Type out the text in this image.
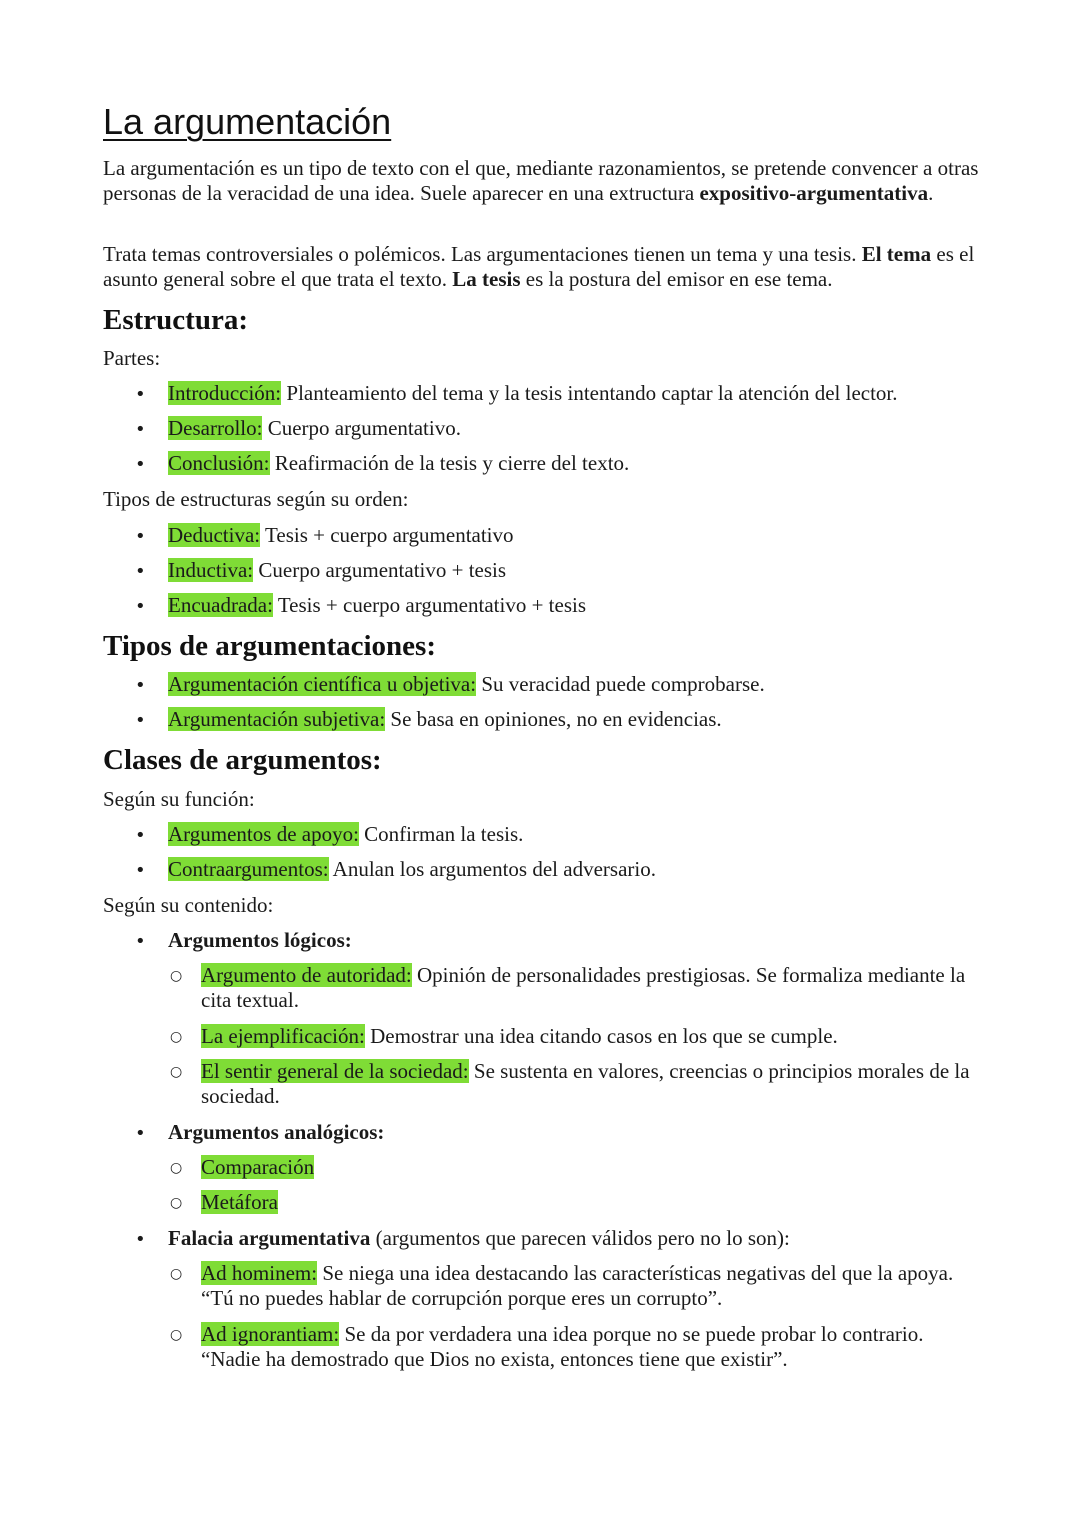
La argumentación

La argumentación es un tipo de texto con el que, mediante razonamientos, se pretende convencer a otras personas de la veracidad de una idea. Suele aparecer en una extructura expositivo-argumentativa.

Trata temas controversiales o polémicos. Las argumentaciones tienen un tema y una tesis. El tema es el asunto general sobre el que trata el texto. La tesis es la postura del emisor en ese tema.

Estructura:
Partes:
• Introducción: Planteamiento del tema y la tesis intentando captar la atención del lector.
• Desarrollo: Cuerpo argumentativo.
• Conclusión: Reafirmación de la tesis y cierre del texto.
Tipos de estructuras según su orden:
• Deductiva: Tesis + cuerpo argumentativo
• Inductiva: Cuerpo argumentativo + tesis
• Encuadrada: Tesis + cuerpo argumentativo + tesis
Tipos de argumentaciones:
• Argumentación científica u objetiva: Su veracidad puede comprobarse.
• Argumentación subjetiva: Se basa en opiniones, no en evidencias.
Clases de argumentos:
Según su función:
• Argumentos de apoyo: Confirman la tesis.
• Contraargumentos: Anulan los argumentos del adversario.
Según su contenido:
• Argumentos lógicos:
○ Argumento de autoridad: Opinión de personalidades prestigiosas. Se formaliza mediante la cita textual.
○ La ejemplificación: Demostrar una idea citando casos en los que se cumple.
○ El sentir general de la sociedad: Se sustenta en valores, creencias o principios morales de la sociedad.
• Argumentos analógicos:
○ Comparación
○ Metáfora
• Falacia argumentativa (argumentos que parecen válidos pero no lo son):
○ Ad hominem: Se niega una idea destacando las características negativas del que la apoya. “Tú no puedes hablar de corrupción porque eres un corrupto”.
○ Ad ignorantiam: Se da por verdadera una idea porque no se puede probar lo contrario. “Nadie ha demostrado que Dios no exista, entonces tiene que existir”.
